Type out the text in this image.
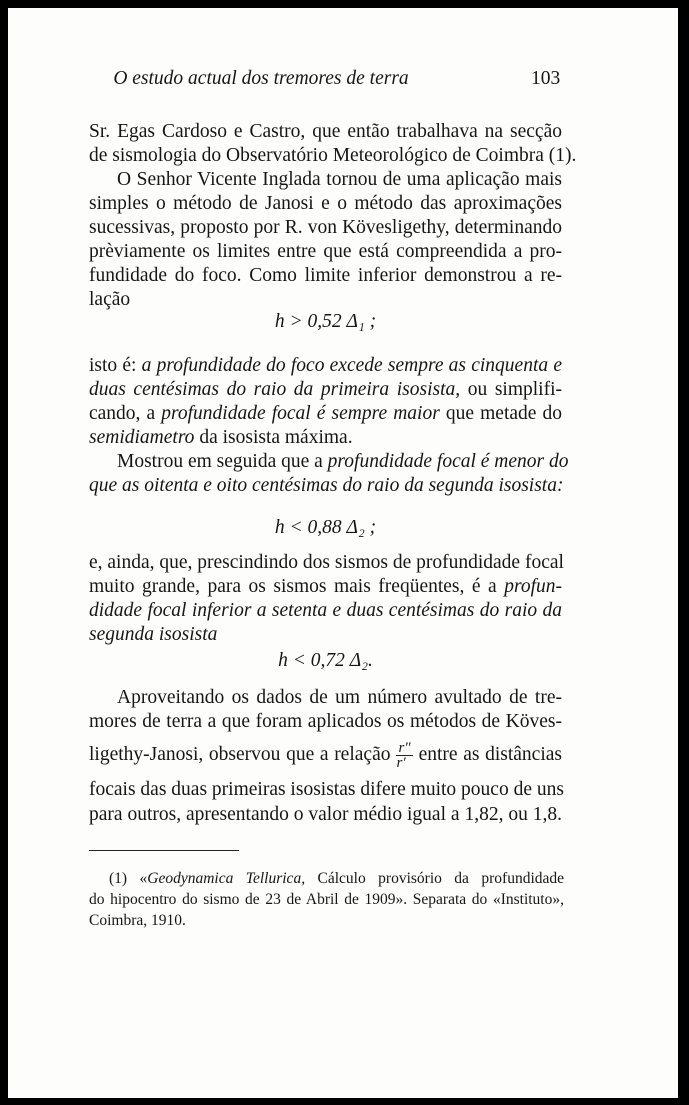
O estudo actual dos tremores de terra	103
Sr. Egas Cardoso e Castro, que então trabalhava na secção
de sismologia do Observatório Meteorológico de Coimbra (1).
O Senhor Vicente Inglada tornou de uma aplicação mais
simples o método de Janosi e o método das aproximações
sucessivas, proposto por R. von Kövesligethy, determinando
prèviamente os limites entre que está compreendida a pro-
fundidade do foco. Como limite inferior demonstrou a re-
lação
h > 0,52 Δ₁ ;
isto é: a profundidade do foco excede sempre as cinquenta e
duas centésimas do raio da primeira isosista, ou simplifi-
cando, a profundidade focal é sempre maior que metade do
semidiametro da isosista máxima.
Mostrou em seguida que a profundidade focal é menor do
que as oitenta e oito centésimas do raio da segunda isosista:
h < 0,88 Δ₂ ;
e, ainda, que, prescindindo dos sismos de profundidade focal
muito grande, para os sismos mais freqüentes, é a profun-
didade focal inferior a setenta e duas centésimas do raio da
segunda isosista
h < 0,72 Δ₂.
Aproveitando os dados de um número avultado de tre-
mores de terra a que foram aplicados os métodos de Köves-
ligethy-Janosi, observou que a relação $\frac{r''}{r'}$ entre as distâncias
focais das duas primeiras isosistas difere muito pouco de uns
para outros, apresentando o valor médio igual a 1,82, ou 1,8.
(1) «Geodynamica Tellurica, Cálculo provisório da profundidade
do hipocentro do sismo de 23 de Abril de 1909». Separata do «Instituto»,
Coimbra, 1910.
